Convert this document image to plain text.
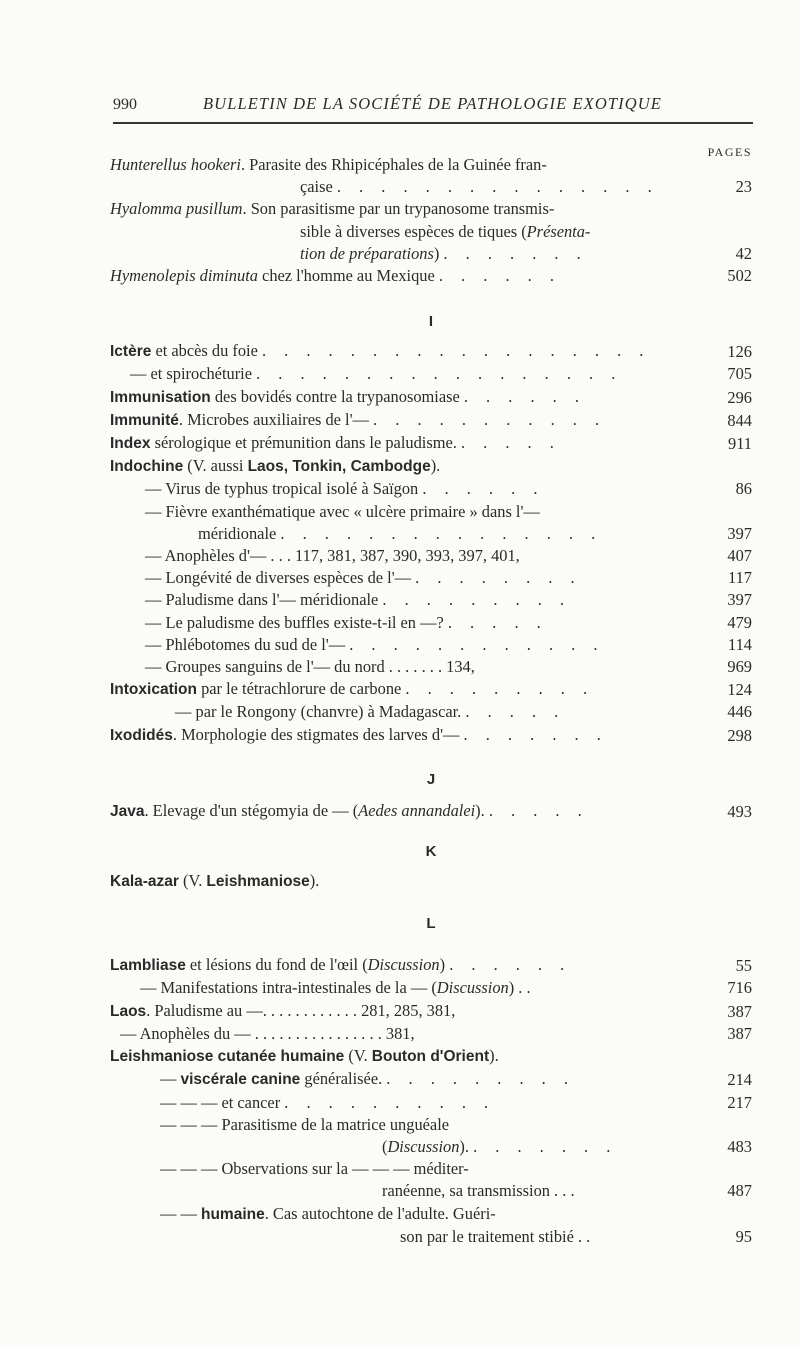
990	BULLETIN DE LA SOCIÉTÉ DE PATHOLOGIE EXOTIQUE
PAGES
Hunterellus hookeri. Parasite des Rhipicéphales de la Guinée fran-
çaise . . . . . . . . . . . . . . .	23
Hyalomma pusillum. Son parasitisme par un trypanosome transmis-
sible à diverses espèces de tiques (Présenta-
tion de préparations) . . . . . . .	42
Hymenolepis diminuta chez l'homme au Mexique . . . . . .	502
I
Ictère et abcès du foie . . . . . . . . . . . . . . . . . .	126
— et spirochéturie . . . . . . . . . . . . . . . . .	705
Immunisation des bovidés contre la trypanosomiase . . . . . .	296
Immunité. Microbes auxiliaires de l'— . . . . . . . . . . .	844
Index sérologique et prémunition dans le paludisme. . . . . .	911
Indochine (V. aussi Laos, Tonkin, Cambodge).
— Virus de typhus tropical isolé à Saïgon . . . . . .	86
— Fièvre exanthématique avec « ulcère primaire » dans l'—
méridionale . . . . . . . . . . . . . . .	397
— Anophèles d'— . . . 117, 381, 387, 390, 393, 397, 401,	407
— Longévité de diverses espèces de l'— . . . . . . . .	117
— Paludisme dans l'— méridionale . . . . . . . . .	397
— Le paludisme des buffles existe-t-il en —? . . . . .	479
— Phlébotomes du sud de l'— . . . . . . . . . . . .	114
— Groupes sanguins de l'— du nord . . . . . . . 134,	969
Intoxication par le tétrachlorure de carbone . . . . . . . . .	124
— par le Rongony (chanvre) à Madagascar. . . . . .	446
Ixodidés. Morphologie des stigmates des larves d'— . . . . . . .	298
J
Java. Elevage d'un stégomyia de — (Aedes annandalei). . . . . .	493
K
Kala-azar (V. Leishmaniose).
L
Lambliase et lésions du fond de l'œil (Discussion) . . . . . .	55
— Manifestations intra-intestinales de la — (Discussion) . .	716
Laos. Paludisme au —. . . . . . . . . . . . 281, 285, 381,	387
— Anophèles du — . . . . . . . . . . . . . . . . 381,	387
Leishmaniose cutanée humaine (V. Bouton d'Orient).
— viscérale canine généralisée. . . . . . . . . .	214
— — — et cancer . . . . . . . . . .	217
— — — Parasitisme de la matrice unguéale
(Discussion). . . . . . . .	483
— — — Observations sur la — — — méditer-
ranéenne, sa transmission . . .	487
— — humaine. Cas autochtone de l'adulte. Guéri-
son par le traitement stibié . .	95
